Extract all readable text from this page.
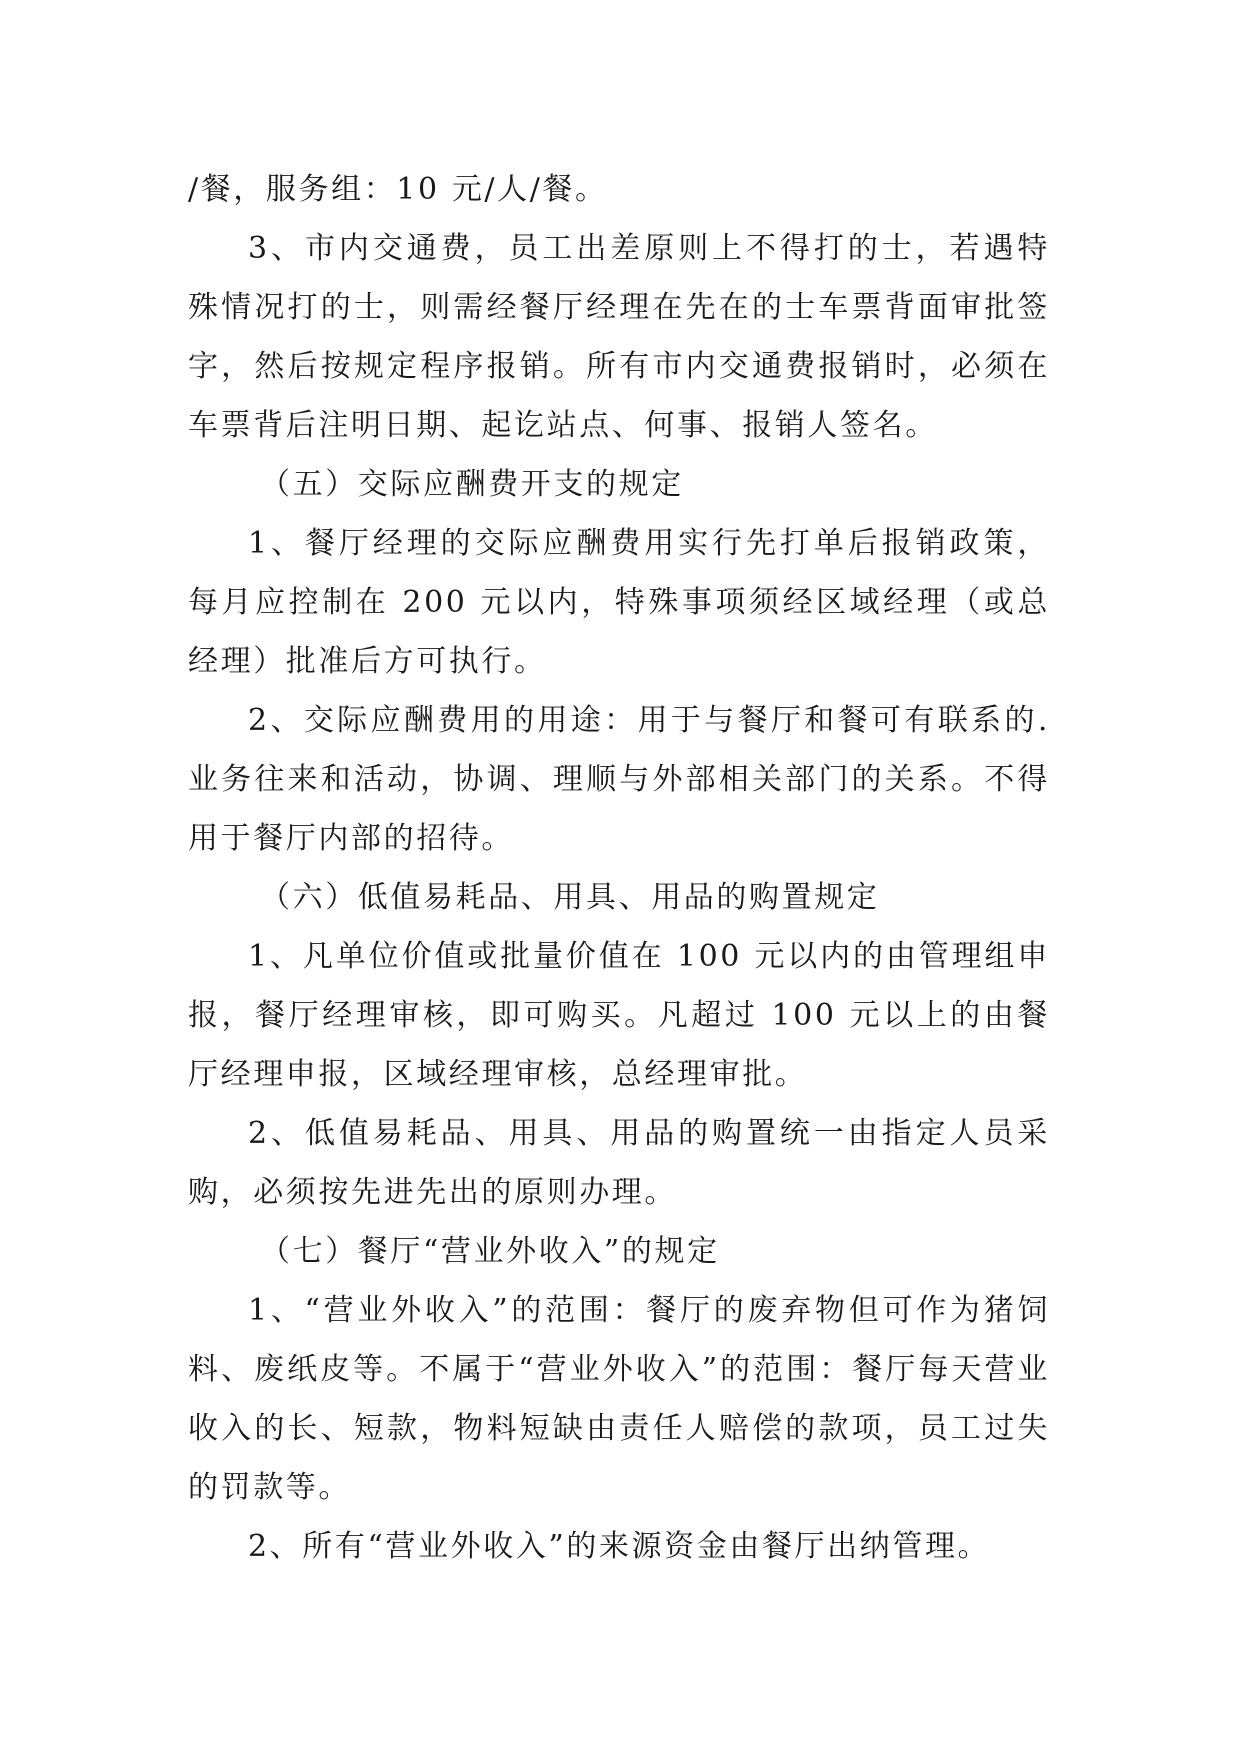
/餐，服务组：10 元/人/餐。

3、市内交通费，员工出差原则上不得打的士，若遇特殊情况打的士，则需经餐厅经理在先在的士车票背面审批签字，然后按规定程序报销。所有市内交通费报销时，必须在车票背后注明日期、起讫站点、何事、报销人签名。

（五）交际应酬费开支的规定

1、餐厅经理的交际应酬费用实行先打单后报销政策，每月应控制在 200 元以内，特殊事项须经区域经理（或总经理）批准后方可执行。

2、交际应酬费用的用途：用于与餐厅和餐可有联系的.业务往来和活动，协调、理顺与外部相关部门的关系。不得用于餐厅内部的招待。

（六）低值易耗品、用具、用品的购置规定

1、凡单位价值或批量价值在 100 元以内的由管理组申报，餐厅经理审核，即可购买。凡超过 100 元以上的由餐厅经理申报，区域经理审核，总经理审批。

2、低值易耗品、用具、用品的购置统一由指定人员采购，必须按先进先出的原则办理。

（七）餐厅“营业外收入”的规定

1、“营业外收入”的范围：餐厅的废弃物但可作为猪饲料、废纸皮等。不属于“营业外收入”的范围：餐厅每天营业收入的长、短款，物料短缺由责任人赔偿的款项，员工过失的罚款等。

2、所有“营业外收入”的来源资金由餐厅出纳管理。
